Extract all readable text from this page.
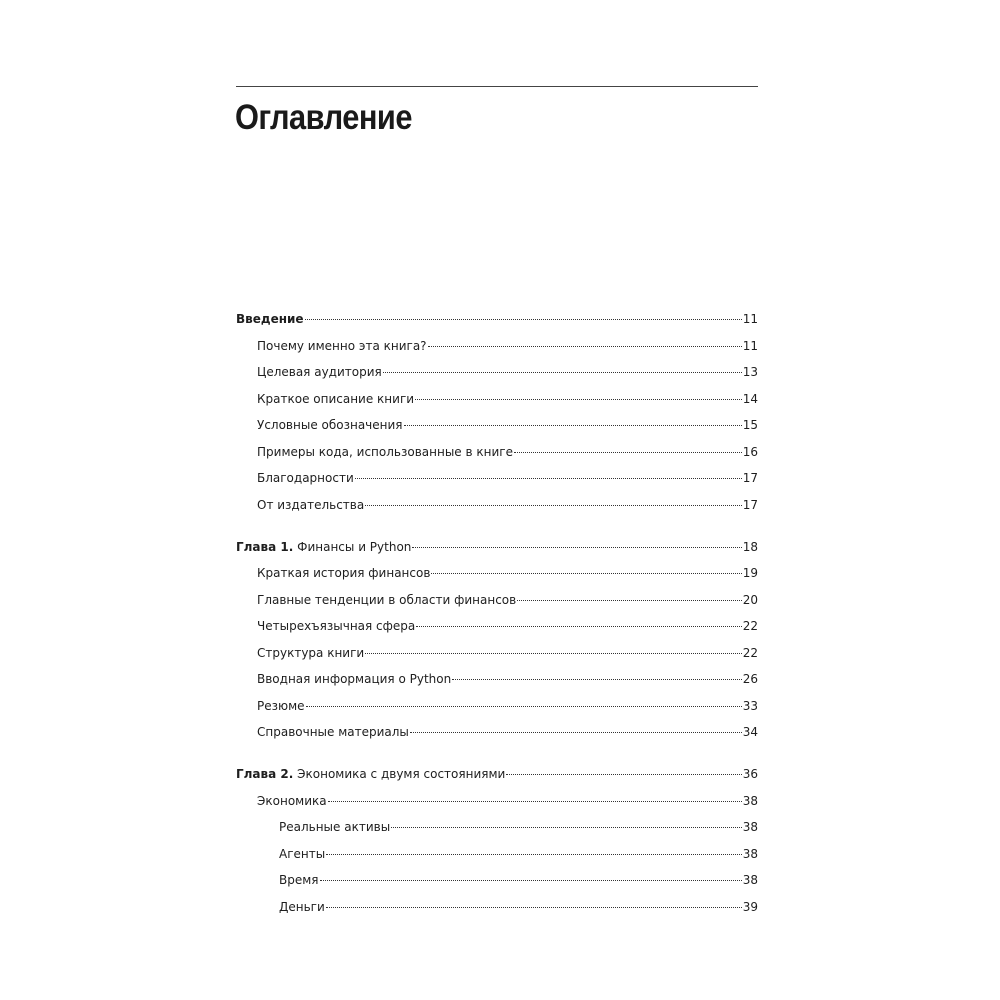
Оглавление
Введение	11
Почему именно эта книга?	11
Целевая аудитория	13
Краткое описание книги	14
Условные обозначения	15
Примеры кода, использованные в книге	16
Благодарности	17
От издательства	17
Глава 1. Финансы и Python	18
Краткая история финансов	19
Главные тенденции в области финансов	20
Четырехъязычная сфера	22
Структура книги	22
Вводная информация о Python	26
Резюме	33
Справочные материалы	34
Глава 2. Экономика с двумя состояниями	36
Экономика	38
Реальные активы	38
Агенты	38
Время	38
Деньги	39
